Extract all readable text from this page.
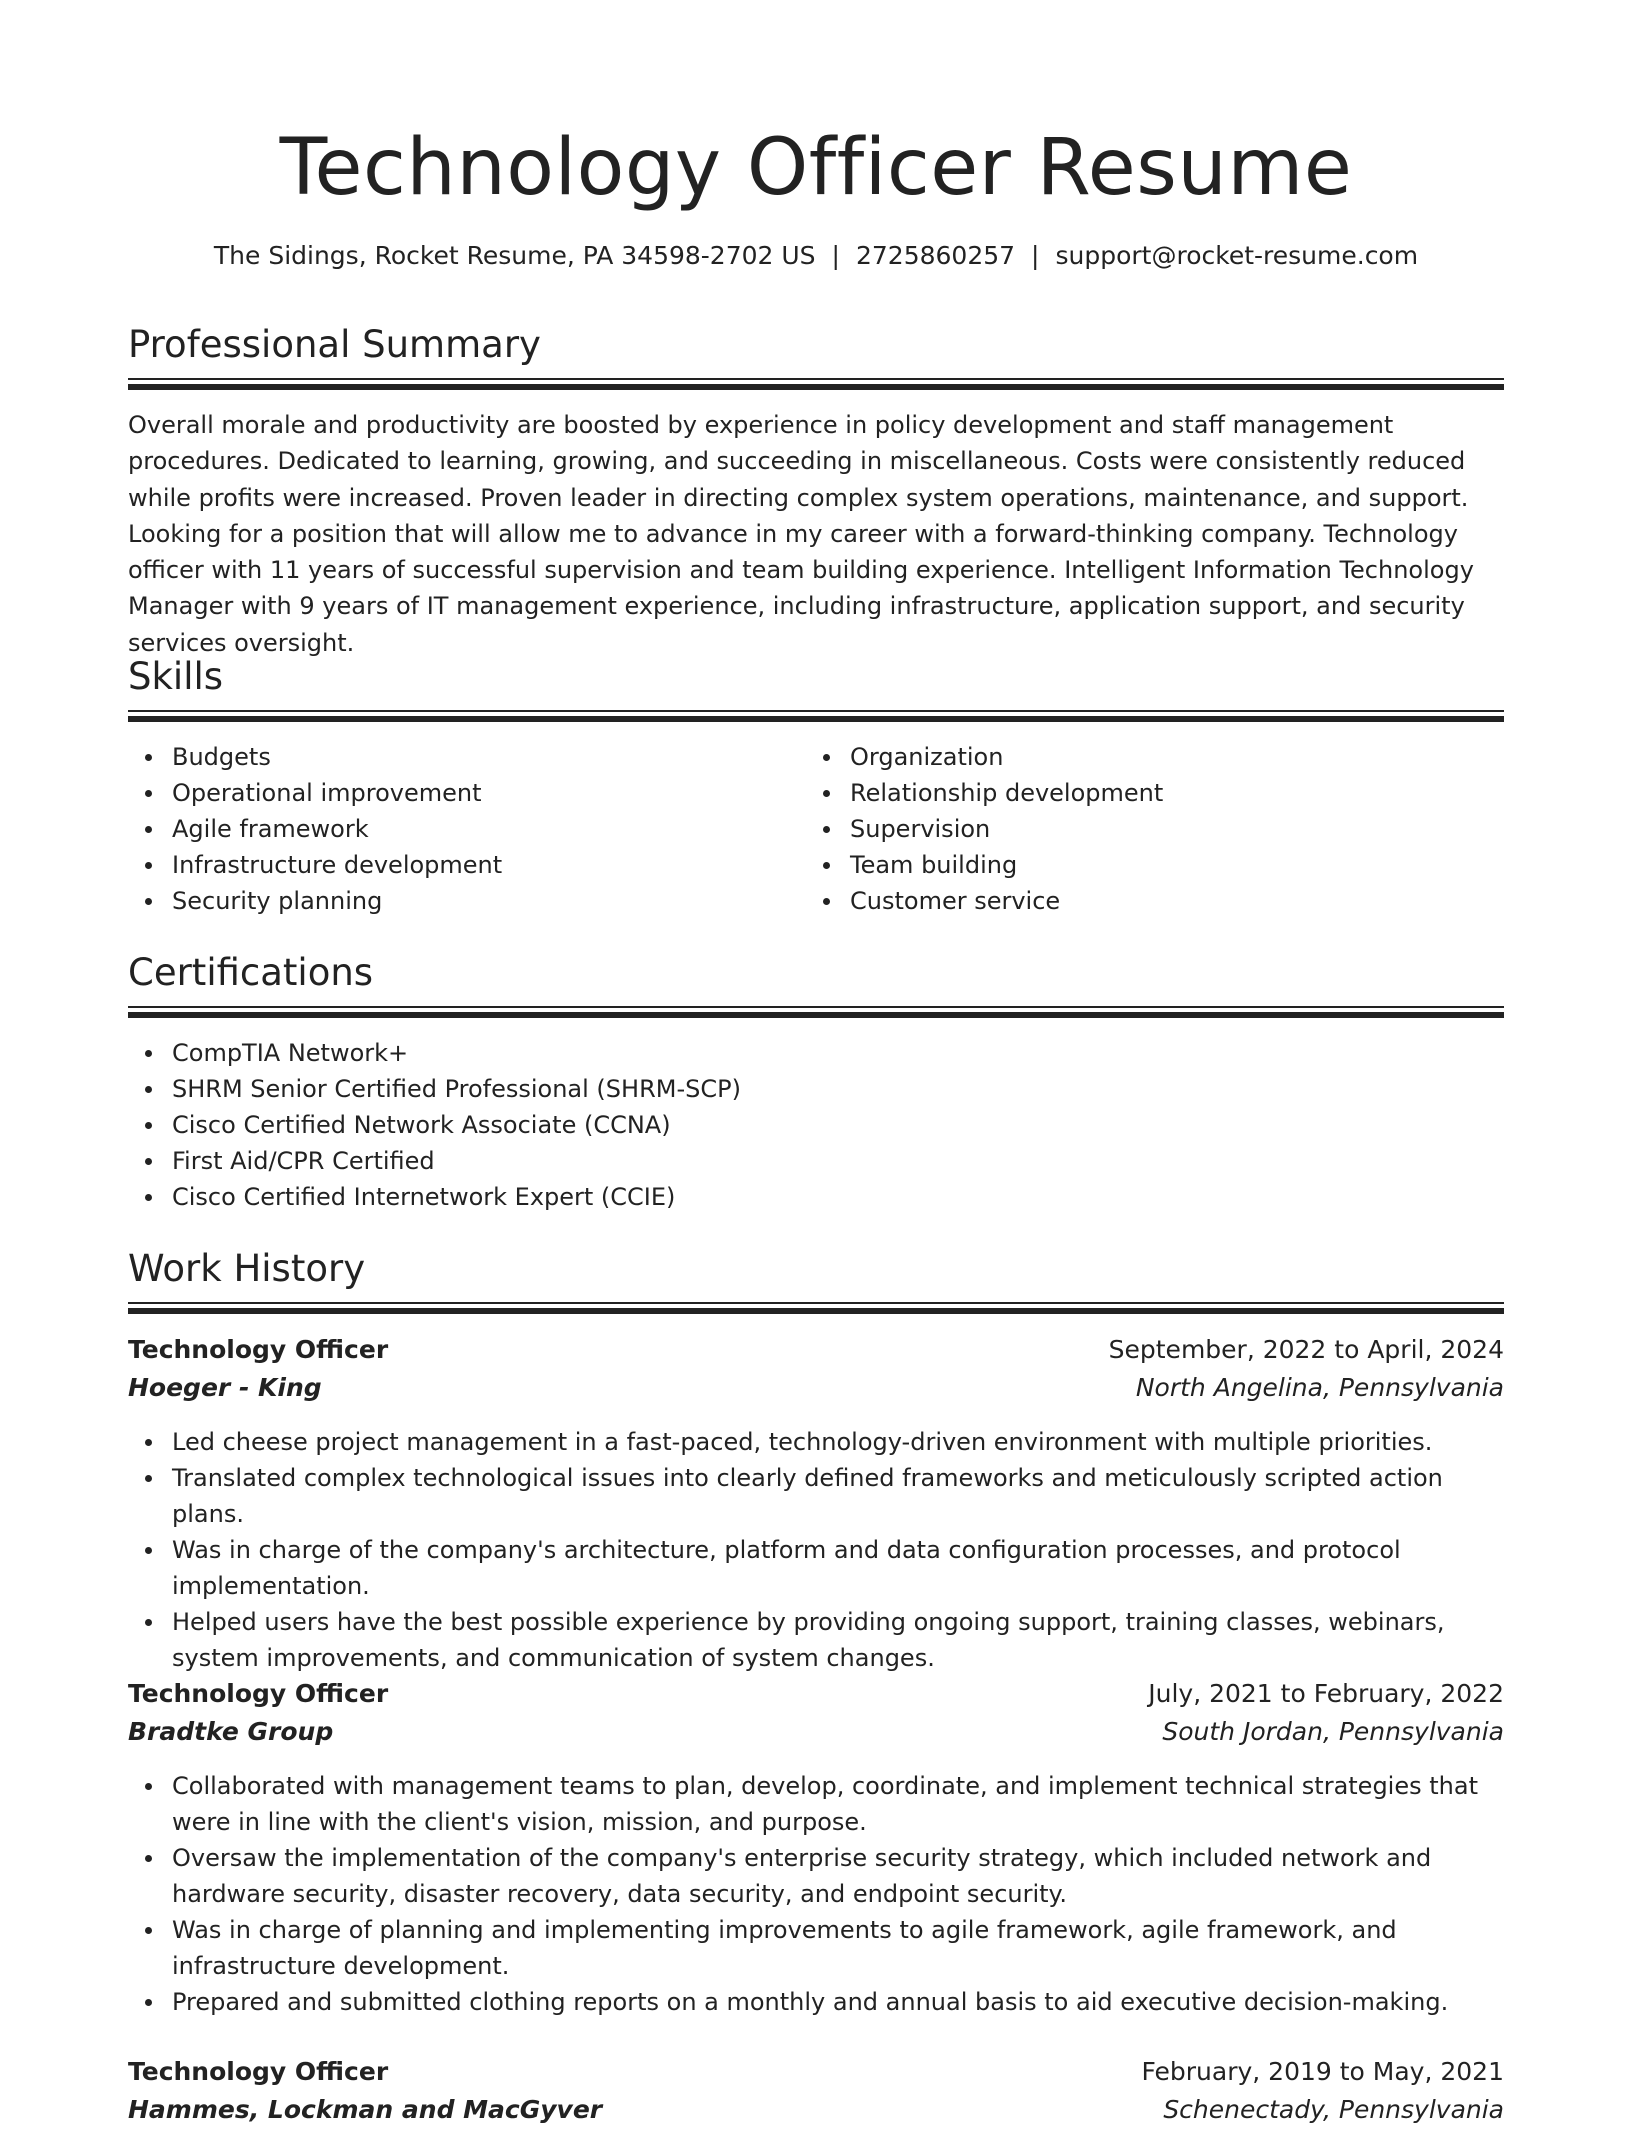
Technology Officer Resume
The Sidings, Rocket Resume, PA 34598-2702 US | 2725860257 | support@rocket-resume.com
Professional Summary
Overall morale and productivity are boosted by experience in policy development and staff management procedures. Dedicated to learning, growing, and succeeding in miscellaneous. Costs were consistently reduced while profits were increased. Proven leader in directing complex system operations, maintenance, and support. Looking for a position that will allow me to advance in my career with a forward-thinking company. Technology officer with 11 years of successful supervision and team building experience. Intelligent Information Technology Manager with 9 years of IT management experience, including infrastructure, application support, and security services oversight.
Skills
Budgets
Operational improvement
Agile framework
Infrastructure development
Security planning
Organization
Relationship development
Supervision
Team building
Customer service
Certifications
CompTIA Network+
SHRM Senior Certified Professional (SHRM-SCP)
Cisco Certified Network Associate (CCNA)
First Aid/CPR Certified
Cisco Certified Internetwork Expert (CCIE)
Work History
Technology Officer	September, 2022 to April, 2024
Hoeger - King	North Angelina, Pennsylvania
Led cheese project management in a fast-paced, technology-driven environment with multiple priorities.
Translated complex technological issues into clearly defined frameworks and meticulously scripted action plans.
Was in charge of the company's architecture, platform and data configuration processes, and protocol implementation.
Helped users have the best possible experience by providing ongoing support, training classes, webinars, system improvements, and communication of system changes.
Technology Officer	July, 2021 to February, 2022
Bradtke Group	South Jordan, Pennsylvania
Collaborated with management teams to plan, develop, coordinate, and implement technical strategies that were in line with the client's vision, mission, and purpose.
Oversaw the implementation of the company's enterprise security strategy, which included network and hardware security, disaster recovery, data security, and endpoint security.
Was in charge of planning and implementing improvements to agile framework, agile framework, and infrastructure development.
Prepared and submitted clothing reports on a monthly and annual basis to aid executive decision-making.
Technology Officer	February, 2019 to May, 2021
Hammes, Lockman and MacGyver	Schenectady, Pennsylvania
